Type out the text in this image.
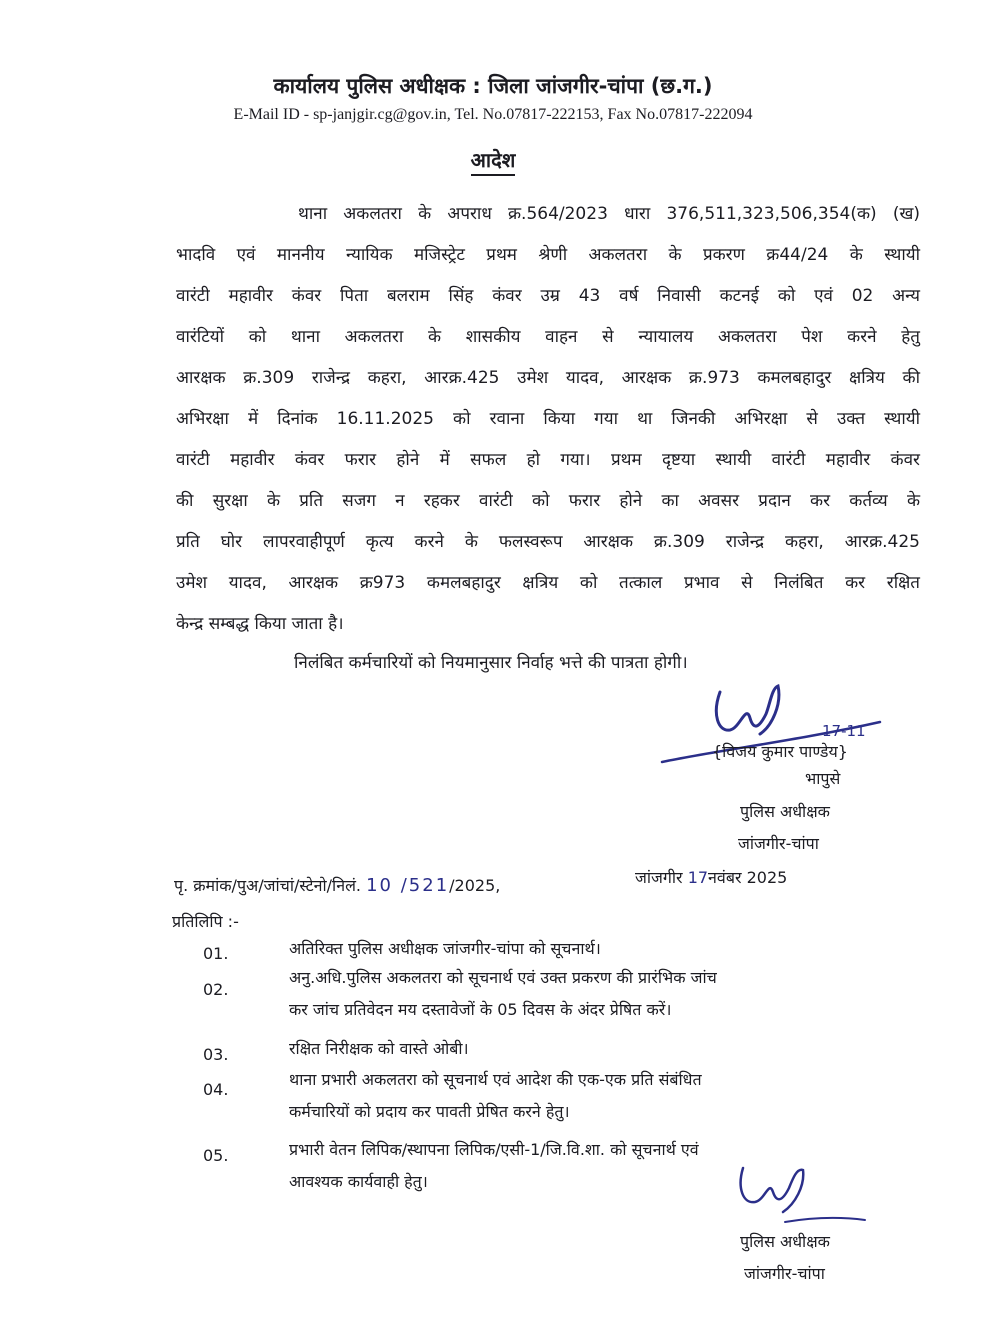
कार्यालय पुलिस अधीक्षक : जिला जांजगीर-चांपा (छ.ग.)
E-Mail ID - sp-janjgir.cg@gov.in, Tel. No.07817-222153, Fax No.07817-222094
आदेश
थाना अकलतरा के अपराध क्र.564/2023 धारा 376,511,323,506,354(क) (ख)
भादवि एवं माननीय न्यायिक मजिस्ट्रेट प्रथम श्रेणी अकलतरा के प्रकरण क्र44/24 के स्थायी
वारंटी महावीर कंवर पिता बलराम सिंह कंवर उम्र 43 वर्ष निवासी कटनई को एवं 02 अन्य
वारंटियों को थाना अकलतरा के शासकीय वाहन से न्यायालय अकलतरा पेश करने हेतु
आरक्षक क्र.309 राजेन्द्र कहरा, आरक्र.425 उमेश यादव, आरक्षक क्र.973 कमलबहादुर क्षत्रिय की
अभिरक्षा में दिनांक 16.11.2025 को रवाना किया गया था जिनकी अभिरक्षा से उक्त स्थायी
वारंटी महावीर कंवर फरार होने में सफल हो गया। प्रथम दृष्टया स्थायी वारंटी महावीर कंवर
की सुरक्षा के प्रति सजग न रहकर वारंटी को फरार होने का अवसर प्रदान कर कर्तव्य के
प्रति घोर लापरवाहीपूर्ण कृत्य करने के फलस्वरूप आरक्षक क्र.309 राजेन्द्र कहरा, आरक्र.425
उमेश यादव, आरक्षक क्र973 कमलबहादुर क्षत्रिय को तत्काल प्रभाव से निलंबित कर रक्षित
केन्द्र सम्बद्ध किया जाता है।
निलंबित कर्मचारियों को नियमानुसार निर्वाह भत्ते की पात्रता होगी।
17-11
{विजय कुमार पाण्डेय}
भापुसे
पुलिस अधीक्षक
जांजगीर-चांपा
पृ. क्रमांक/पुअ/जांचां/स्टेनो/निलं. 10 /521/2025,	जांजगीर 17नवंबर 2025
प्रतिलिपि :-
01.	अतिरिक्त पुलिस अधीक्षक जांजगीर-चांपा को सूचनार्थ।
02.
अनु.अधि.पुलिस अकलतरा को सूचनार्थ एवं उक्त प्रकरण की प्रारंभिक जांच
कर जांच प्रतिवेदन मय दस्तावेजों के 05 दिवस के अंदर प्रेषित करें।
03.	रक्षित निरीक्षक को वास्ते ओबी।
04.
थाना प्रभारी अकलतरा को सूचनार्थ एवं आदेश की एक-एक प्रति संबंधित
कर्मचारियों को प्रदाय कर पावती प्रेषित करने हेतु।
05.	प्रभारी वेतन लिपिक/स्थापना लिपिक/एसी-1/जि.वि.शा. को सूचनार्थ एवं
आवश्यक कार्यवाही हेतु।
पुलिस अधीक्षक
जांजगीर-चांपा
